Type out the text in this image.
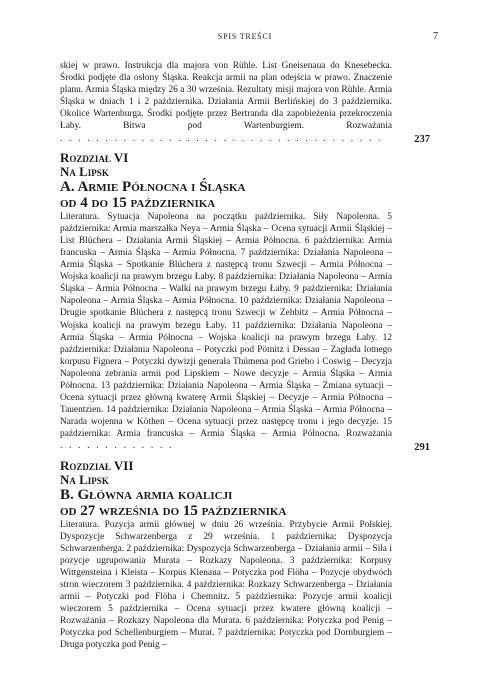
SPIS TREŚCI	7

skiej w prawo. Instrukcja dla majora von Rühle. List Gneisenaua do Knesebecka. Środki podjęte dla osłony Śląska. Reakcja armii na plan odejścia w prawo. Znaczenie planu. Armia Śląska między 26 a 30 września. Rezultaty misji majora von Rühle. Armia Śląska w dniach 1 i 2 października. Działania Armii Berlińskiej do 3 października. Okolice Wartenburga. Środki podjęte przez Bertranda dla zapobieżenia przekroczenia Łaby. Bitwa pod Wartenburgiem. Rozważania . . . . . . . . . . . . . . . . . . . . . . . . . . . . . . . . . . . .	237
Rozdział VI
Na Lipsk
A. Armie Północna i Śląska
od 4 do 15 października

Literatura. Sytuacja Napoleona na początku października. Siły Napoleona. 5 października: Armia marszałka Neya – Armia Śląska – Ocena sytuacji Armii Śląskiej – List Blüchera – Działania Armii Śląskiej – Armia Północna. 6 października: Armia francuska – Armia Śląska – Armia Północna. 7 października: Działania Napoleona – Armia Śląska – Spotkanie Blüchera z następcą tronu Szwecji – Armia Północna – Wojska koalicji na prawym brzegu Łaby. 8 października: Działania Napoleona – Armia Śląska – Armia Północna – Walki na prawym brzegu Łaby. 9 października: Działania Napoleona – Armia Śląska – Armia Północna. 10 października: Działania Napoleona – Drugie spotkanie Blüchera z następcą tronu Szwecji w Zehbitz – Armia Północna – Wojska koalicji na prawym brzegu Łaby. 11 października: Działania Napoleona – Armia Śląska – Armia Północna – Wojska koalicji na prawym brzegu Łaby. 12 października: Działania Napoleona – Potyczki pod Pötnitz i Dessau – Zagłada lotnego korpusu Fignera – Potyczki dywizji generała Thümena pod Griebo i Coswig – Decyzja Napoleona zebrania armii pod Lipskiem – Nowe decyzje – Armia Śląska – Armia Północna. 13 października: Działania Napoleona – Armia Śląska – Zmiana sytuacji – Ocena sytuacji przez główną kwaterę Armii Śląskiej – Decyzje – Armia Północna – Tauentzien. 14 października: Działania Napoleona – Armia Śląska – Armia Północna – Narada wojenna w Köthen – Ocena sytuacji przez następcę tronu i jego decyzje. 15 października: Armia francuska – Armia Śląska – Armia Północna. Rozważania . . . . . . . . . . . . .	291
Rozdział VII
Na Lipsk
B. Główna armia koalicji
od 27 września do 15 października

Literatura. Pozycja armii głównej w dniu 26 września. Przybycie Armii Polskiej. Dyspozycje Schwarzenberga z 29 września. 1 października: Dyspozycja Schwarzenberga. 2 października: Dyspozycja Schwarzenberga – Działania armii – Siła i pozycje ugrupowania Murata – Rozkazy Napoleona. 3 października: Korpusy Wittgensteina i Kleista – Korpus Klenaua – Potyczka pod Flöha – Pozycje obydwóch stron wieczorem 3 października. 4 października: Rozkazy Schwarzenberga – Działania armii – Potyczki pod Flöha i Chemnitz. 5 października: Pozycje armii koalicji wieczorem 5 października – Ocena sytuacji przez kwatere główną koalicji – Rozważania – Rozkazy Napoleona dla Murata. 6 października: Potyczka pod Penig – Potyczka pod Schellenburgiem – Murat. 7 października: Potyczka pod Dornburgiem – Druga potyczka pod Penig –
